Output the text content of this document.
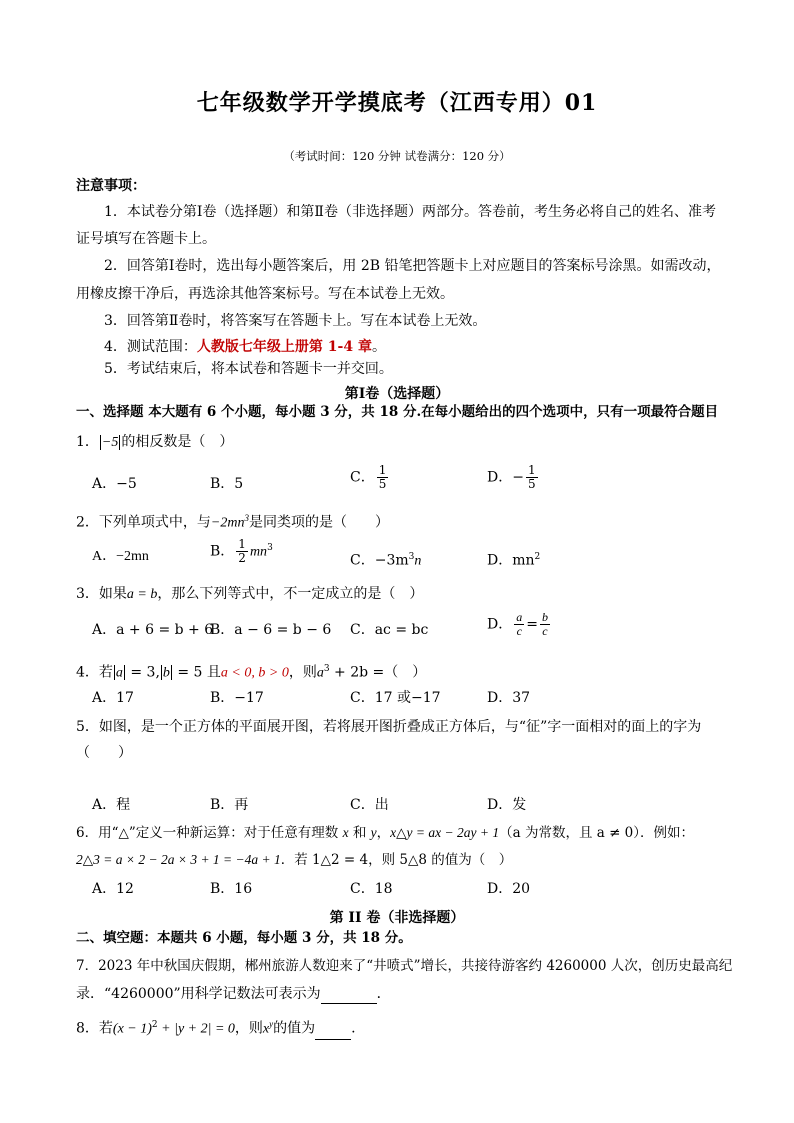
七年级数学开学摸底考（江西专用）01
（考试时间：120 分钟 试卷满分：120 分）
注意事项：
1．本试卷分第Ⅰ卷（选择题）和第Ⅱ卷（非选择题）两部分。答卷前，考生务必将自己的姓名、准考
证号填写在答题卡上。
2．回答第Ⅰ卷时，选出每小题答案后，用 2B 铅笔把答题卡上对应题目的答案标号涂黑。如需改动，
用橡皮擦干净后，再选涂其他答案标号。写在本试卷上无效。
3．回答第Ⅱ卷时，将答案写在答题卡上。写在本试卷上无效。
4．测试范围：人教版七年级上册第 1-4 章。
5．考试结束后，将本试卷和答题卡一并交回。
第Ⅰ卷（选择题）
一、选择题 本大题有 6 个小题，每小题 3 分，共 18 分.在每小题给出的四个选项中，只有一项最符合题目
1． −5 的相反数是（　）
A．−5	B．5	C． $\frac{1}{5}$	D．− $\frac{1}{5}$
2．下列单项式中，与$-2mn^3$是同类项的是（　　）
A．−2mn	B． $\frac{1}{2} mn^3$
C．$-3m^3n$	D．$mn^2$
3．如果a = b，那么下列等式中，不一定成立的是（　）
A．a + 6 = b + 6
B．a − 6 = b − 6 C．ac = bc	D． $\frac{a}{c} = \frac{b}{c}$
4．若 a = 3, b = 5 且a < 0, b > 0，则$a^3 + 2b$ =（　）
A．17	B．−17	C．17 或−17	D．37
5．如图，是一个正方体的平面展开图，若将展开图折叠成正方体后，与“征”字一面相对的面上的字为
（　　）
A．程	B．再	C．出	D．发
6．用“△”定义一种新运算：对于任意有理数 x 和 y，x△y = ax − 2ay + 1（a 为常数，且 a ≠ 0）．例如：
2△3 = a × 2 − 2a × 3 + 1 = −4a + 1．若 1△2 = 4，则 5△8 的值为（　）
A．12	B．16	C．18	D．20
第 II 卷（非选择题）
二、填空题：本题共 6 小题，每小题 3 分，共 18 分。
7．2023 年中秋国庆假期，郴州旅游人数迎来了“井喷式”增长，共接待游客约 4260000 人次，创历史最高纪
录．“4260000”用科学记数法可表示为	．
8．若$(x - 1)^2 + |y + 2| = 0$，则$x^y$的值为	.
